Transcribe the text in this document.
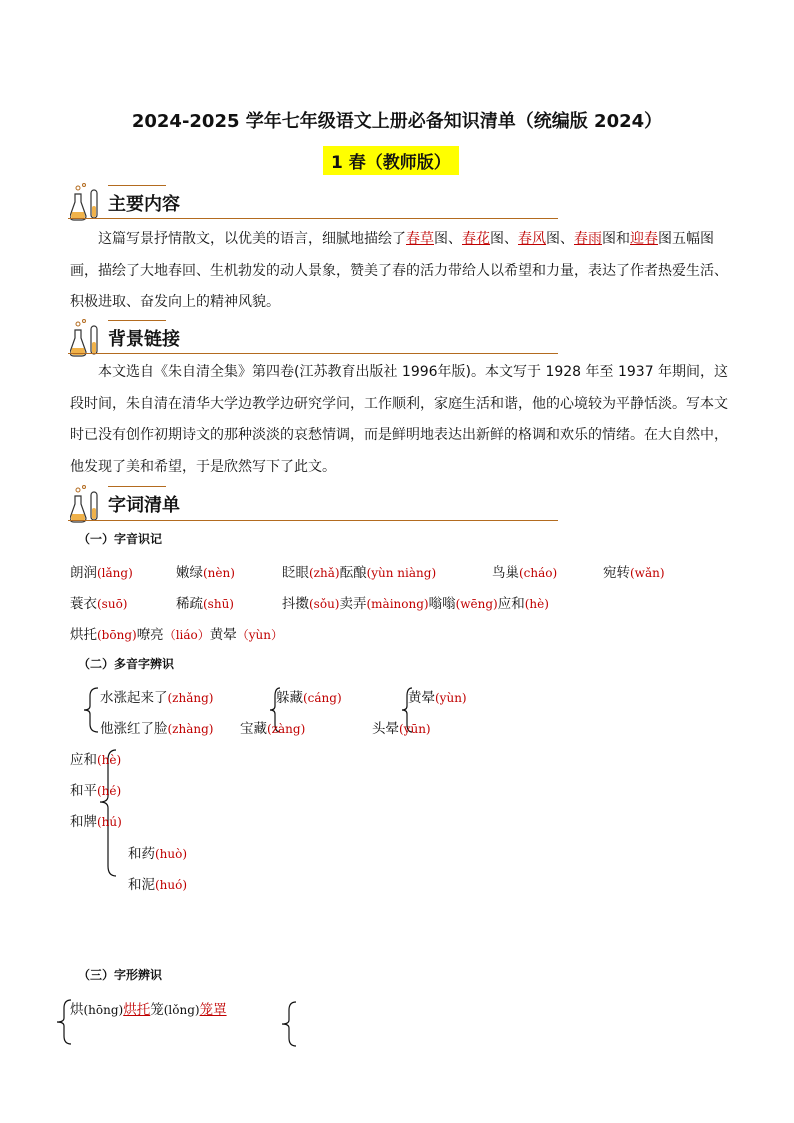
2024-2025 学年七年级语文上册必备知识清单（统编版 2024）
1 春（教师版）
主要内容
这篇写景抒情散文，以优美的语言，细腻地描绘了春草图、春花图、春风图、春雨图和迎春图五幅图画，描绘了大地春回、生机勃发的动人景象，赞美了春的活力带给人以希望和力量，表达了作者热爱生活、积极进取、奋发向上的精神风貌。
背景链接
本文选自《朱自清全集》第四卷(江苏教育出版社 1996年版)。本文写于 1928 年至 1937 年期间，这段时间，朱自清在清华大学边教学边研究学问，工作顺利，家庭生活和谐，他的心境较为平静恬淡。写本文时已没有创作初期诗文的那种淡淡的哀愁情调，而是鲜明地表达出新鲜的格调和欢乐的情绪。在大自然中，他发现了美和希望，于是欣然写下了此文。
字词清单
（一）字音识记
朗润(lǎng)	嫩绿(nèn)	眨眼(zhǎ)酝酿(yùn niàng)	鸟巢(cháo)	宛转(wǎn)
蓑衣(suō)	稀疏(shū)	抖擞(sǒu)卖弄(màinong)嗡嗡(wēng)应和(hè)
烘托(bōng)嘹亮（liáo）黄晕（yùn）
（二）多音字辨识
水涨起来了(zhǎng)
他涨红了脸(zhàng)
躲藏(cáng)
宝藏(zàng)
黄晕(yùn)
头晕(yūn)
应和(hè)
和平(hé)
和牌(hú)
和药(huò)
和泥(huó)
（三）字形辨识
烘(hōng)烘托笼(lǒng)笼罩
